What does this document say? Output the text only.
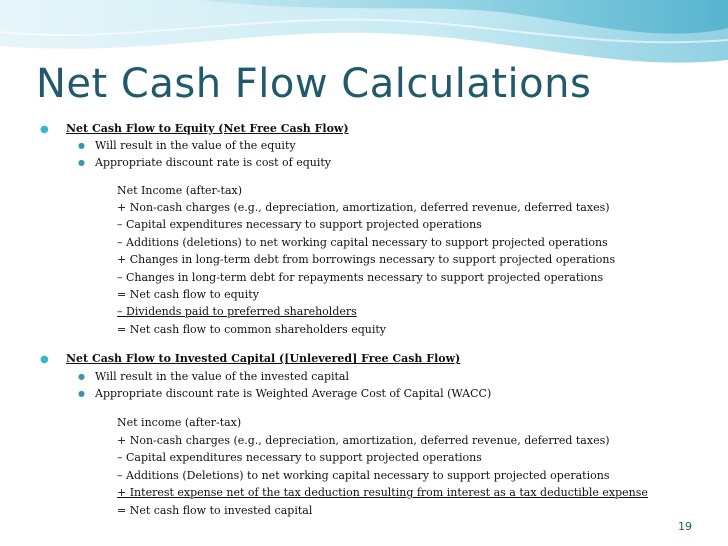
Net Cash Flow Calculations
● Net Cash Flow to Equity (Net Free Cash Flow)
● Will result in the value of the equity
● Appropriate discount rate is cost of equity
Net Income (after-tax)
+ Non-cash charges (e.g., depreciation, amortization, deferred revenue, deferred taxes)
– Capital expenditures necessary to support projected operations
– Additions (deletions) to net working capital necessary to support projected operations
+ Changes in long-term debt from borrowings necessary to support projected operations
– Changes in long-term debt for repayments necessary to support projected operations
= Net cash flow to equity
– Dividends paid to preferred shareholders
= Net cash flow to common shareholders equity
● Net Cash Flow to Invested Capital ([Unlevered] Free Cash Flow)
● Will result in the value of the invested capital
● Appropriate discount rate is Weighted Average Cost of Capital (WACC)
Net income (after-tax)
+ Non-cash charges (e.g., depreciation, amortization, deferred revenue, deferred taxes)
– Capital expenditures necessary to support projected operations
– Additions (Deletions) to net working capital necessary to support projected operations
+ Interest expense net of the tax deduction resulting from interest as a tax deductible expense
= Net cash flow to invested capital
19
